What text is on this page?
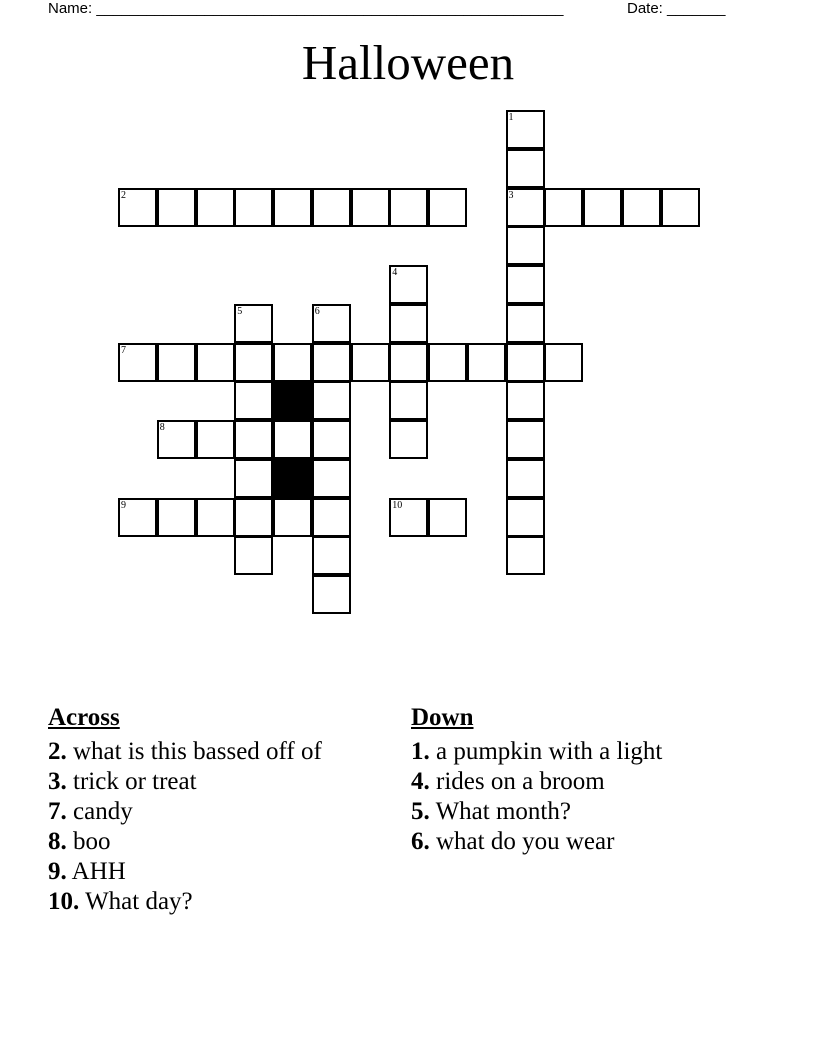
Name: ________________________________________________________	Date: _______
Halloween
1
2	3
4
5	6
7
8
9	10
Across
2. what is this bassed off of
3. trick or treat
7. candy
8. boo
9. AHH
10. What day?
Down
1. a pumpkin with a light
4. rides on a broom
5. What month?
6. what do you wear
